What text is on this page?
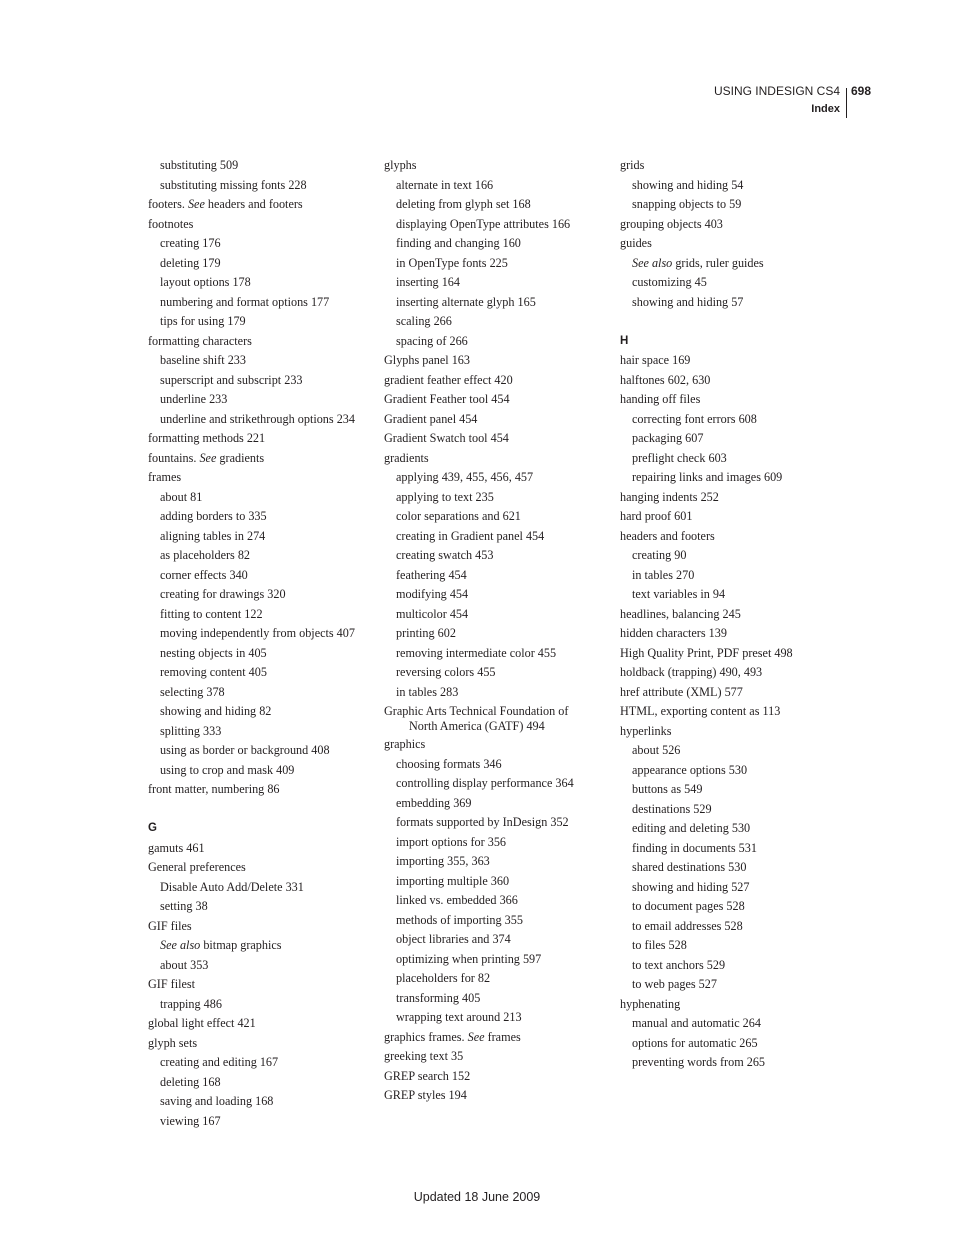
USING INDESIGN CS4 698
Index
substituting 509
substituting missing fonts 228
footers. See headers and footers
footnotes
creating 176
deleting 179
layout options 178
numbering and format options 177
tips for using 179
formatting characters
baseline shift 233
superscript and subscript 233
underline 233
underline and strikethrough options 234
formatting methods 221
fountains. See gradients
frames
about 81
adding borders to 335
aligning tables in 274
as placeholders 82
corner effects 340
creating for drawings 320
fitting to content 122
moving independently from objects 407
nesting objects in 405
removing content 405
selecting 378
showing and hiding 82
splitting 333
using as border or background 408
using to crop and mask 409
front matter, numbering 86
G
gamuts 461
General preferences
Disable Auto Add/Delete 331
setting 38
GIF files
See also bitmap graphics
about 353
GIF filest
trapping 486
global light effect 421
glyph sets
creating and editing 167
deleting 168
saving and loading 168
viewing 167
glyphs
alternate in text 166
deleting from glyph set 168
displaying OpenType attributes 166
finding and changing 160
in OpenType fonts 225
inserting 164
inserting alternate glyph 165
scaling 266
spacing of 266
Glyphs panel 163
gradient feather effect 420
Gradient Feather tool 454
Gradient panel 454
Gradient Swatch tool 454
gradients
applying 439, 455, 456, 457
applying to text 235
color separations and 621
creating in Gradient panel 454
creating swatch 453
feathering 454
modifying 454
multicolor 454
printing 602
removing intermediate color 455
reversing colors 455
in tables 283
Graphic Arts Technical Foundation of
North America (GATF) 494
graphics
choosing formats 346
controlling display performance 364
embedding 369
formats supported by InDesign 352
import options for 356
importing 355, 363
importing multiple 360
linked vs. embedded 366
methods of importing 355
object libraries and 374
optimizing when printing 597
placeholders for 82
transforming 405
wrapping text around 213
graphics frames. See frames
greeking text 35
GREP search 152
GREP styles 194
grids
showing and hiding 54
snapping objects to 59
grouping objects 403
guides
See also grids, ruler guides
customizing 45
showing and hiding 57
H
hair space 169
halftones 602, 630
handing off files
correcting font errors 608
packaging 607
preflight check 603
repairing links and images 609
hanging indents 252
hard proof 601
headers and footers
creating 90
in tables 270
text variables in 94
headlines, balancing 245
hidden characters 139
High Quality Print, PDF preset 498
holdback (trapping) 490, 493
href attribute (XML) 577
HTML, exporting content as 113
hyperlinks
about 526
appearance options 530
buttons as 549
destinations 529
editing and deleting 530
finding in documents 531
shared destinations 530
showing and hiding 527
to document pages 528
to email addresses 528
to files 528
to text anchors 529
to web pages 527
hyphenating
manual and automatic 264
options for automatic 265
preventing words from 265
Updated 18 June 2009
